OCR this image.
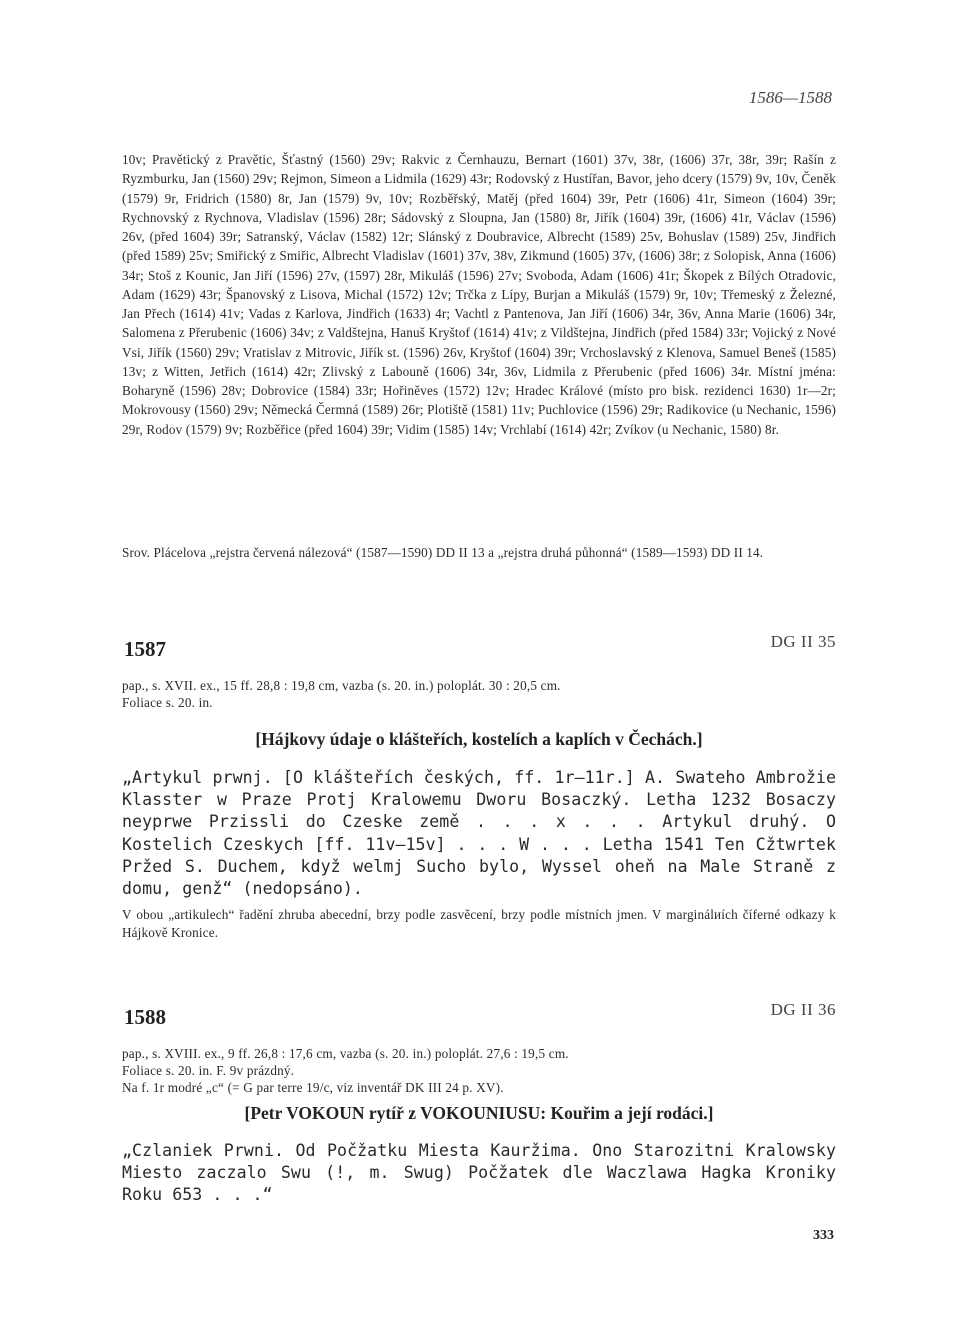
1586—1588
10v; Pravětický z Pravětic, Šťastný (1560) 29v; Rakvic z Černhauzu, Bernart (1601) 37v, 38r, (1606) 37r, 38r, 39r; Rašín z Ryzmburku, Jan (1560) 29v; Rejmon, Simeon a Lidmila (1629) 43r; Rodovský z Hustířan, Bavor, jeho dcery (1579) 9v, 10v, Čeněk (1579) 9r, Fridrich (1580) 8r, Jan (1579) 9v, 10v; Rozběřský, Matěj (před 1604) 39r, Petr (1606) 41r, Simeon (1604) 39r; Rychnovský z Rychnova, Vladislav (1596) 28r; Sádovský z Sloupna, Jan (1580) 8r, Jiřík (1604) 39r, (1606) 41r, Václav (1596) 26v, (před 1604) 39r; Satranský, Václav (1582) 12r; Slánský z Doubravice, Albrecht (1589) 25v, Bohuslav (1589) 25v, Jindřich (před 1589) 25v; Smiřický z Smiřic, Albrecht Vladislav (1601) 37v, 38v, Zikmund (1605) 37v, (1606) 38r; z Solopisk, Anna (1606) 34r; Stoš z Kounic, Jan Jiří (1596) 27v, (1597) 28r, Mikuláš (1596) 27v; Svoboda, Adam (1606) 41r; Škopek z Bílých Otradovic, Adam (1629) 43r; Španovský z Lisova, Michal (1572) 12v; Trčka z Lípy, Burjan a Mikuláš (1579) 9r, 10v; Třemeský z Železné, Jan Přech (1614) 41v; Vadas z Karlova, Jindřich (1633) 4r; Vachtl z Pantenova, Jan Jiří (1606) 34r, 36v, Anna Marie (1606) 34r, Salomena z Přerubenic (1606) 34v; z Valdštejna, Hanuš Kryštof (1614) 41v; z Vildštejna, Jindřich (před 1584) 33r; Vojický z Nové Vsi, Jiřík (1560) 29v; Vratislav z Mitrovic, Jiřík st. (1596) 26v, Kryštof (1604) 39r; Vrchoslavský z Klenova, Samuel Beneš (1585) 13v; z Witten, Jetřich (1614) 42r; Zlivský z Labouně (1606) 34r, 36v, Lidmila z Přerubenic (před 1606) 34r. Místní jména: Boharyně (1596) 28v; Dobrovice (1584) 33r; Hořiněves (1572) 12v; Hradec Králové (místo pro bisk. rezidenci 1630) 1r—2r; Mokrovousy (1560) 29v; Německá Čermná (1589) 26r; Plotiště (1581) 11v; Puchlovice (1596) 29r; Radikovice (u Nechanic, 1596) 29r, Rodov (1579) 9v; Rozběřice (před 1604) 39r; Vidim (1585) 14v; Vrchlabí (1614) 42r; Zvíkov (u Nechanic, 1580) 8r.
Srov. Plácelova „rejstra červená nálezová“ (1587—1590) DD II 13 a „rejstra druhá půhonná“ (1589—1593) DD II 14.
1587	DG II 35
pap., s. XVII. ex., 15 ff. 28,8 : 19,8 cm, vazba (s. 20. in.) poloplát. 30 : 20,5 cm.
Foliace s. 20. in.
[Hájkovy údaje o klášteřích, kostelích a kaplích v Čechách.]
„Artykul prwnj. [O klášteřích českých, ff. 1r—11r.] A. Swateho Ambrožie Klasster w Praze Protj Kralowemu Dworu Bosaczký. Letha 1232 Bosaczy neyprwe Przissli do Czeske země . . . x . . . Artykul druhý. O Kostelich Czeskych [ff. 11v—15v] . . . W . . . Letha 1541 Ten Cžtwrtek Pržed S. Duchem, když welmj Sucho bylo, Wyssel oheň na Male Straně z domu, genž“ (nedopsáno).
V obou „artikulech“ řadění zhruba abecední, brzy podle zasvěcení, brzy podle místních jmen. V marginálиích číferné odkazy k Hájkově Kronice.
1588	DG II 36
pap., s. XVIII. ex., 9 ff. 26,8 : 17,6 cm, vazba (s. 20. in.) poloplát. 27,6 : 19,5 cm.
Foliace s. 20. in. F. 9v prázdný.
Na f. 1r modré „c“ (= G par terre 19/c, viz inventář DK III 24 p. XV).
[Petr VOKOUN rytíř z VOKOUNIUSU: Kouřim a její rodáci.]
„Czlaniek Prwni. Od Počžatku Miesta Kauržima. Ono Starozitni Kralowsky Miesto zaczalo Swu (!, m. Swug) Počžatek dle Waczlawa Hagka Kroniky Roku 653 . . .“
333
